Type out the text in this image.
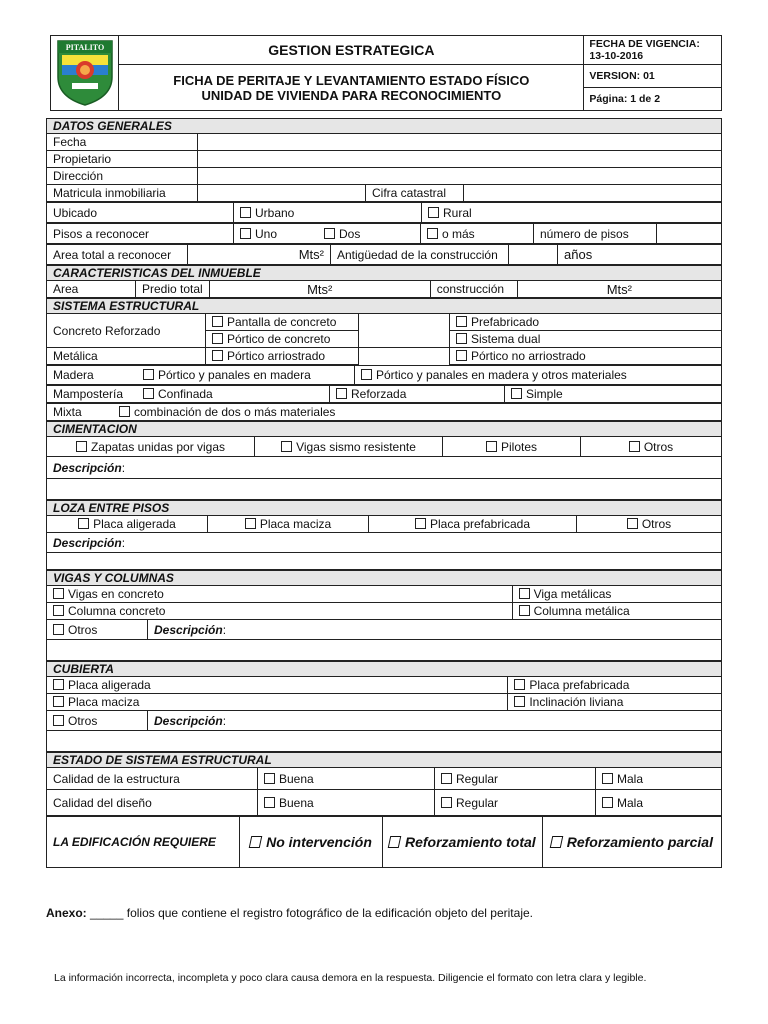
PITALITO	GESTION ESTRATEGICA	FECHA DE VIGENCIA:
13-10-2016

	FICHA DE PERITAJE Y LEVANTAMIENTO ESTADO FÍSICO
UNIDAD DE VIVIENDA PARA RECONOCIMIENTO	VERSION: 01
		Página: 1 de 2
DATOS GENERALES			
Fecha			
Propietario			
Dirección			
Matricula inmobiliaria		Cifra catastral	
Ubicado	Urbano	Rural
Pisos a reconocer	Uno	Dos	o más	número de pisos	
Area total a reconocer	Mts²	Antigüedad de la construcción		años
CARACTERISTICAS DEL INMUEBLE
Area	Predio total	Mts²	construcción	Mts²
SISTEMA ESTRUCTURAL			
Concreto Reforzado	Pantalla de concreto		Prefabricado
	Pórtico de concreto		Sistema dual
Metálica	Pórtico arriostrado		Pórtico no arriostrado
Madera	Pórtico y panales en madera	Pórtico y panales en madera y otros materiales
Mampostería	Confinada	Reforzada	Simple
Mixta	combinación de dos o más materiales
CIMENTACION
Zapatas unidas por vigas	Vigas sismo resistente	Pilotes	Otros
Descripción:

LOZA ENTRE PISOS
Placa aligerada	Placa maciza	Placa prefabricada	Otros
Descripción:

VIGAS Y COLUMNAS		
Vigas en concreto		Viga metálicas
Columna concreto		Columna metálica
Otros	Descripción:	

CUBIERTA		
Placa aligerada		Placa prefabricada
Placa maciza		Inclinación liviana
Otros	Descripción:	

ESTADO DE SISTEMA ESTRUCTURAL			
Calidad de la estructura	Buena	Regular	Mala
Calidad del diseño	Buena	Regular	Mala
LA EDIFICACIÓN REQUIERE	No intervención	Reforzamiento total	Reforzamiento parcial
Anexo: _____ folios que contiene el registro fotográfico de la edificación objeto del peritaje.
La información incorrecta, incompleta y poco clara causa demora en la respuesta. Diligencie el formato con letra clara y legible.
